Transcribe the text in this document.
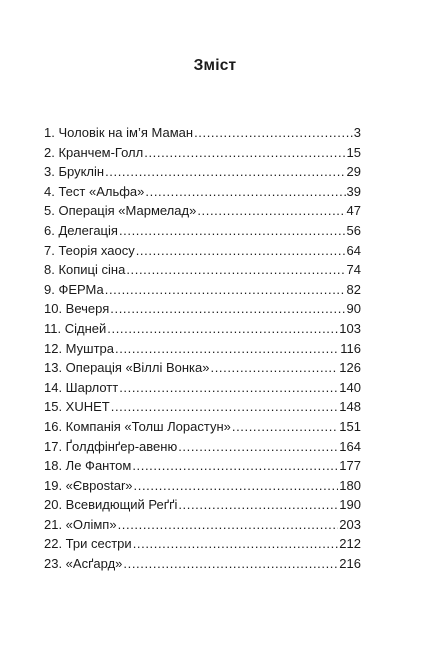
Зміст
1. Чоловік на ім’я Маман .....	3
2. Кранчем-Голл .....	15
3. Бруклін .....	29
4. Тест «Альфа» .....	39
5. Операція «Мармелад» .....	47
6. Делегація .....	56
7. Теорія хаосу .....	64
8. Копиці сіна .....	74
9. ФЕРМа .....	82
10. Вечеря .....	90
11. Сідней .....	103
12. Муштра .....	116
13. Операція «Віллі Вонка» .....	126
14. Шарлотт .....	140
15. XUHET .....	148
16. Компанія «Толш Лорастун» .....	151
17. Ґолдфінґер-авеню .....	164
18. Ле Фантом .....	177
19. «Єврostar» .....	180
20. Всевидющий Реґґі .....	190
21. «Олімп» .....	203
22. Три сестри .....	212
23. «Асґард» .....	216
